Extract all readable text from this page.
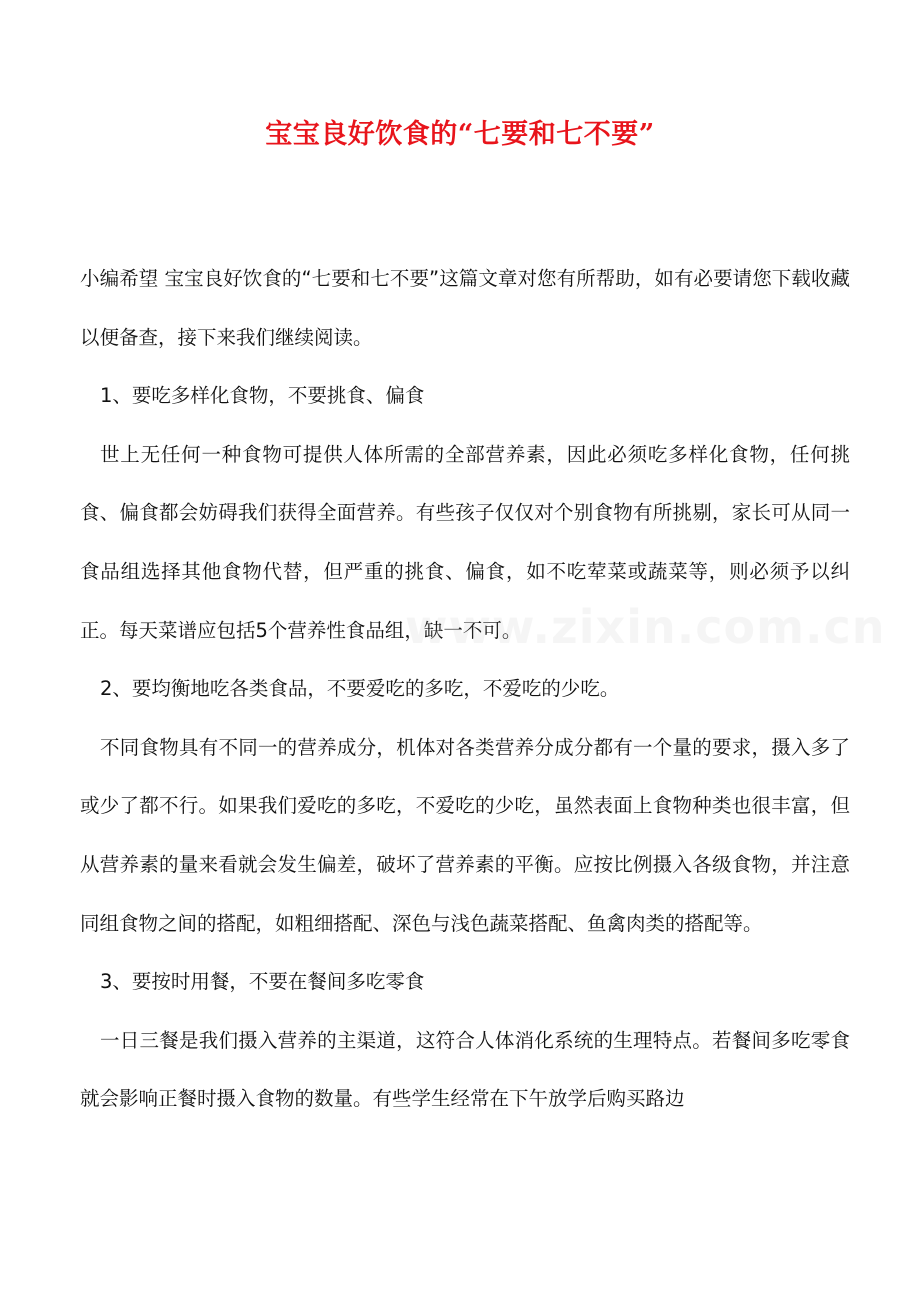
宝宝良好饮食的“七要和七不要”

小编希望 宝宝良好饮食的“七要和七不要”这篇文章对您有所帮助，如有必要请您下载收藏以便备查，接下来我们继续阅读。

1、要吃多样化食物，不要挑食、偏食

世上无任何一种食物可提供人体所需的全部营养素，因此必须吃多样化食物，任何挑食、偏食都会妨碍我们获得全面营养。有些孩子仅仅对个别食物有所挑剔，家长可从同一食品组选择其他食物代替，但严重的挑食、偏食，如不吃荤菜或蔬菜等，则必须予以纠正。每天菜谱应包括5个营养性食品组，缺一不可。

2、要均衡地吃各类食品，不要爱吃的多吃，不爱吃的少吃。

不同食物具有不同一的营养成分，机体对各类营养分成分都有一个量的要求，摄入多了或少了都不行。如果我们爱吃的多吃，不爱吃的少吃，虽然表面上食物种类也很丰富，但从营养素的量来看就会发生偏差，破坏了营养素的平衡。应按比例摄入各级食物，并注意同组食物之间的搭配，如粗细搭配、深色与浅色蔬菜搭配、鱼禽肉类的搭配等。

3、要按时用餐，不要在餐间多吃零食

一日三餐是我们摄入营养的主渠道，这符合人体消化系统的生理特点。若餐间多吃零食就会影响正餐时摄入食物的数量。有些学生经常在下午放学后购买路边

www.zixin.com.cn
